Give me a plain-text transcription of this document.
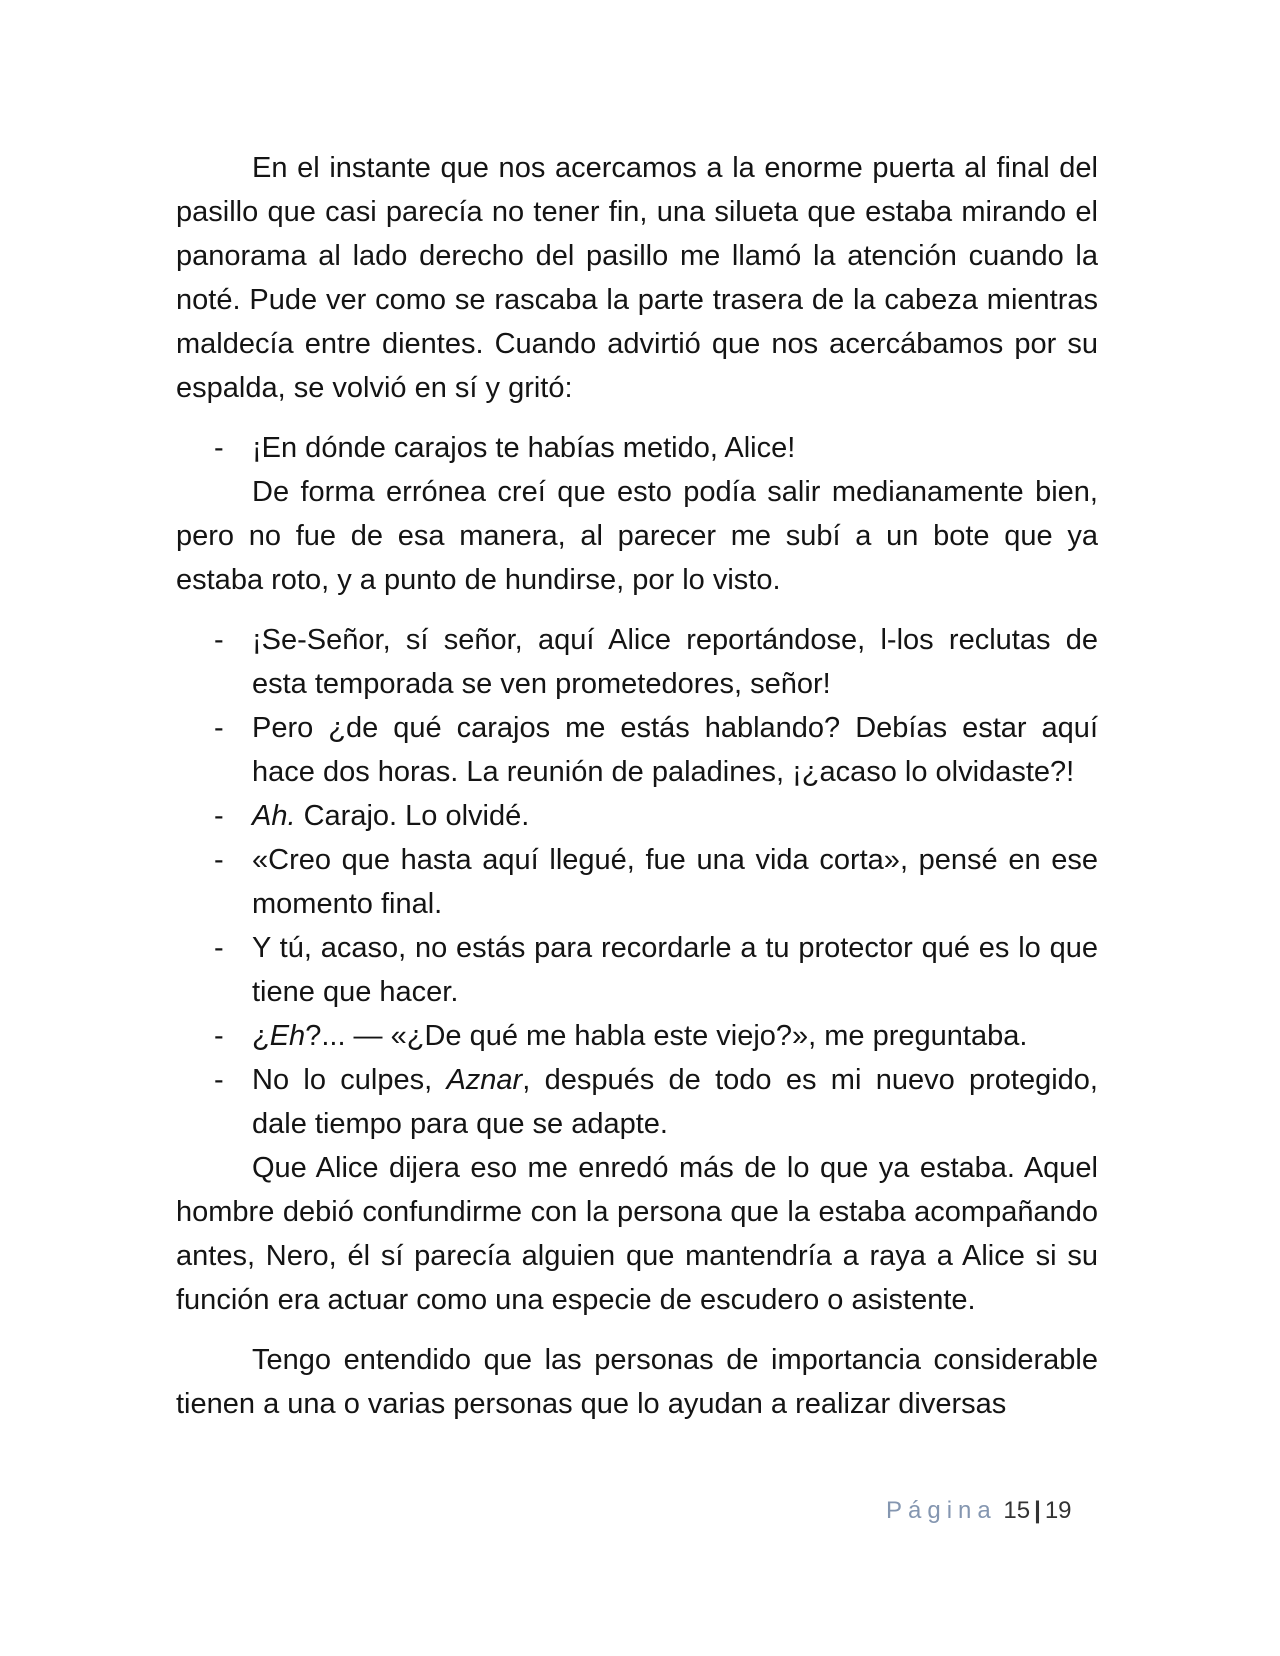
En el instante que nos acercamos a la enorme puerta al final del pasillo que casi parecía no tener fin, una silueta que estaba mirando el panorama al lado derecho del pasillo me llamó la atención cuando la noté. Pude ver como se rascaba la parte trasera de la cabeza mientras maldecía entre dientes. Cuando advirtió que nos acercábamos por su espalda, se volvió en sí y gritó:

- ¡En dónde carajos te habías metido, Alice!

De forma errónea creí que esto podía salir medianamente bien, pero no fue de esa manera, al parecer me subí a un bote que ya estaba roto, y a punto de hundirse, por lo visto.

- ¡Se-Señor, sí señor, aquí Alice reportándose, l-los reclutas de esta temporada se ven prometedores, señor!
- Pero ¿de qué carajos me estás hablando? Debías estar aquí hace dos horas. La reunión de paladines, ¡¿acaso lo olvidaste?!
- Ah. Carajo. Lo olvidé.
- «Creo que hasta aquí llegué, fue una vida corta», pensé en ese momento final.
- Y tú, acaso, no estás para recordarle a tu protector qué es lo que tiene que hacer.
- ¿Eh?... — «¿De qué me habla este viejo?», me preguntaba.
- No lo culpes, Aznar, después de todo es mi nuevo protegido, dale tiempo para que se adapte.

Que Alice dijera eso me enredó más de lo que ya estaba. Aquel hombre debió confundirme con la persona que la estaba acompañando antes, Nero, él sí parecía alguien que mantendría a raya a Alice si su función era actuar como una especie de escudero o asistente.

Tengo entendido que las personas de importancia considerable tienen a una o varias personas que lo ayudan a realizar diversas

Página 15 | 19
